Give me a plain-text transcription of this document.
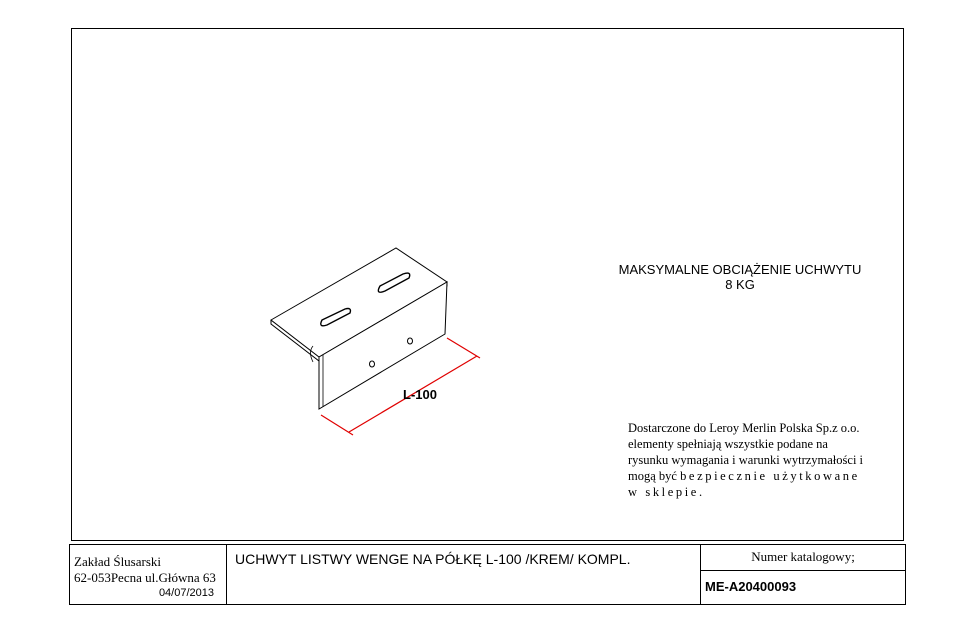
L-100
MAKSYMALNE OBCIĄŻENIE UCHWYTU
8 KG
Dostarczone do Leroy Merlin Polska Sp.z o.o.
elementy spełniają wszystkie podane na
rysunku wymagania i warunki wytrzymałości i
mogą być bezpiecznie użytkowane
w sklepie.
Zakład Ślusarski
62-053Pecna ul.Główna 63
04/07/2013
UCHWYT LISTWY WENGE NA PÓŁKĘ L-100 /KREM/ KOMPL.	Numer katalogowy;
ME-A20400093
